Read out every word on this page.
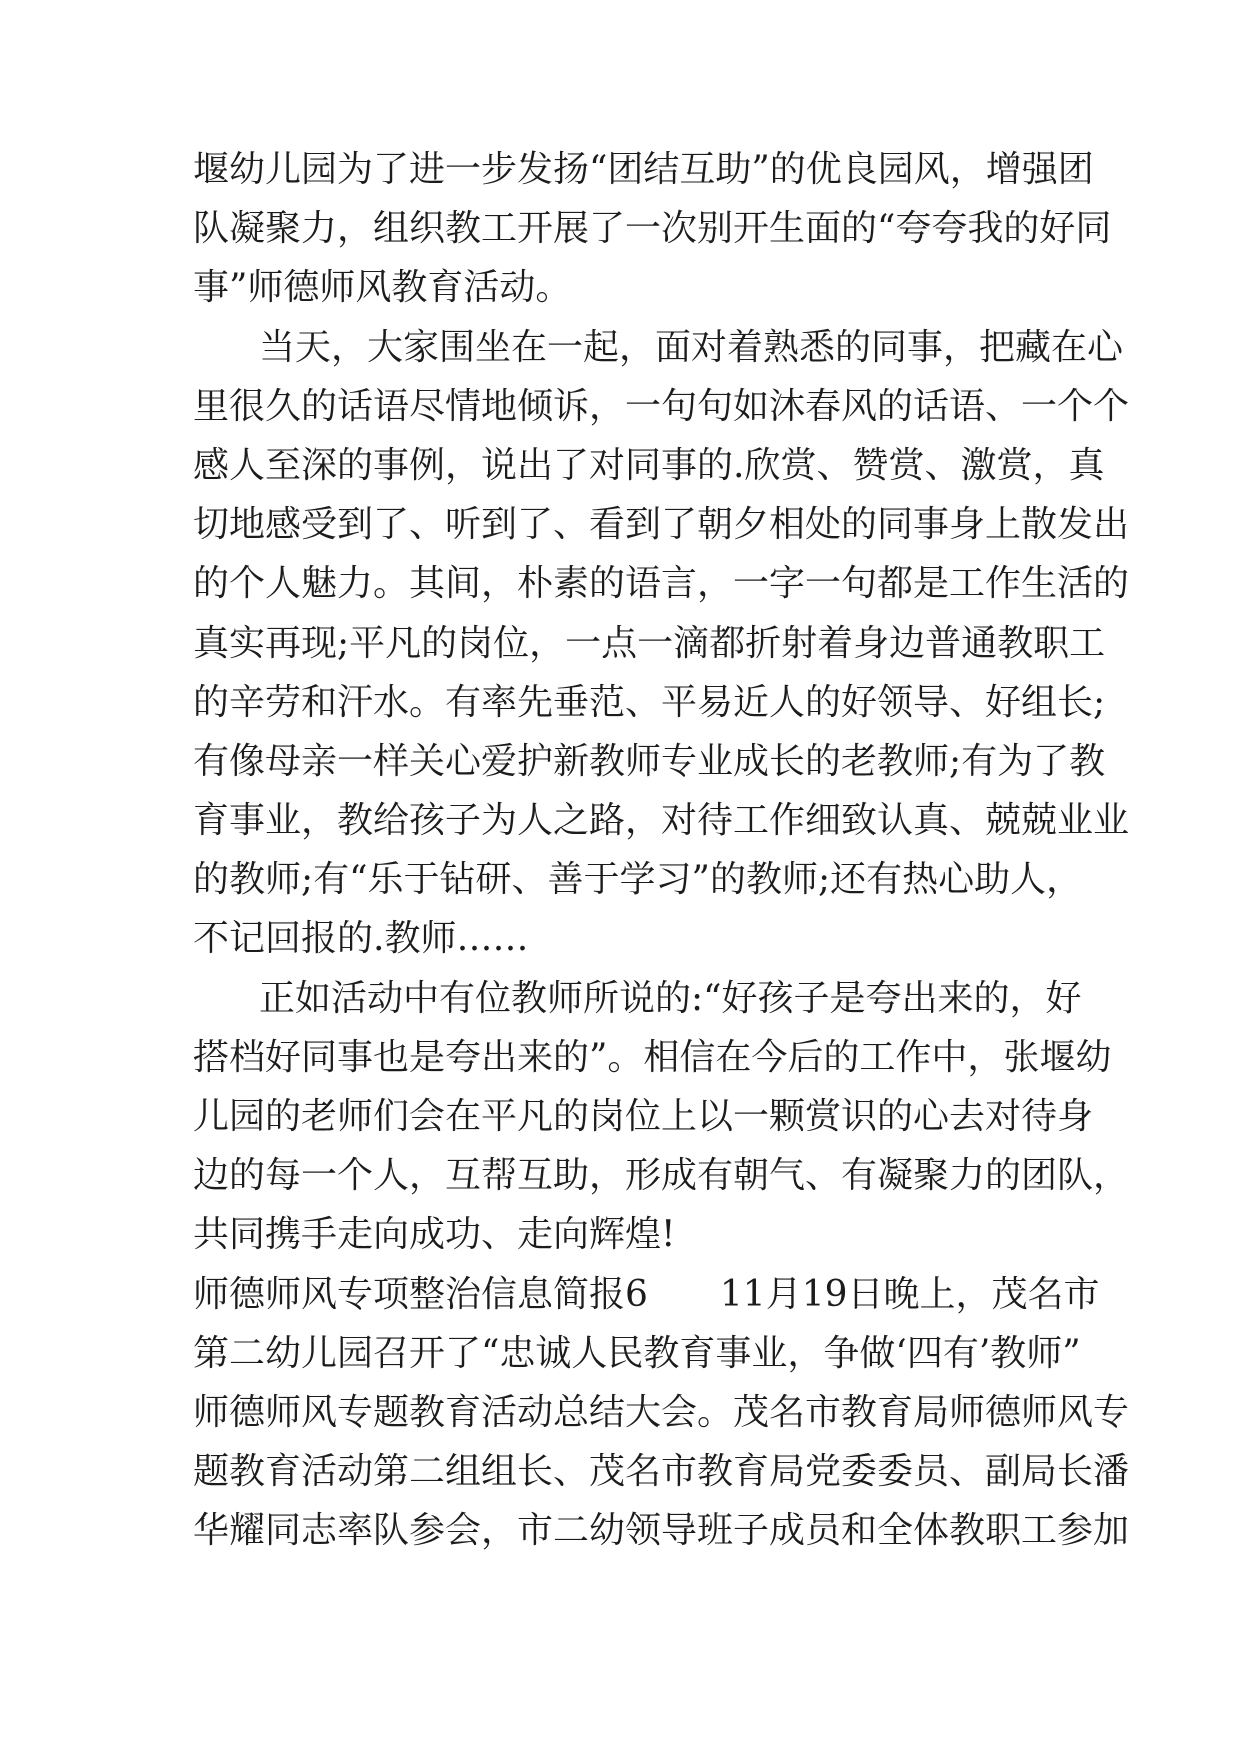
堰幼儿园为了进一步发扬“团结互助”的优良园风，增强团
队凝聚力，组织教工开展了一次别开生面的“夸夸我的好同
事”师德师风教育活动。
当天，大家围坐在一起，面对着熟悉的同事，把藏在心
里很久的话语尽情地倾诉，一句句如沐春风的话语、一个个
感人至深的事例，说出了对同事的.欣赏、赞赏、激赏，真
切地感受到了、听到了、看到了朝夕相处的同事身上散发出
的个人魅力。其间，朴素的语言，一字一句都是工作生活的
真实再现;平凡的岗位，一点一滴都折射着身边普通教职工
的辛劳和汗水。有率先垂范、平易近人的好领导、好组长;
有像母亲一样关心爱护新教师专业成长的老教师;有为了教
育事业，教给孩子为人之路，对待工作细致认真、兢兢业业
的教师;有“乐于钻研、善于学习”的教师;还有热心助人，
不记回报的.教师……
正如活动中有位教师所说的:“好孩子是夸出来的，好
搭档好同事也是夸出来的”。相信在今后的工作中，张堰幼
儿园的老师们会在平凡的岗位上以一颗赏识的心去对待身
边的每一个人，互帮互助，形成有朝气、有凝聚力的团队，
共同携手走向成功、走向辉煌!
师德师风专项整治信息简报6　　11月19日晚上，茂名市
第二幼儿园召开了“忠诚人民教育事业，争做‘四有’教师”
师德师风专题教育活动总结大会。茂名市教育局师德师风专
题教育活动第二组组长、茂名市教育局党委委员、副局长潘
华耀同志率队参会，市二幼领导班子成员和全体教职工参加
